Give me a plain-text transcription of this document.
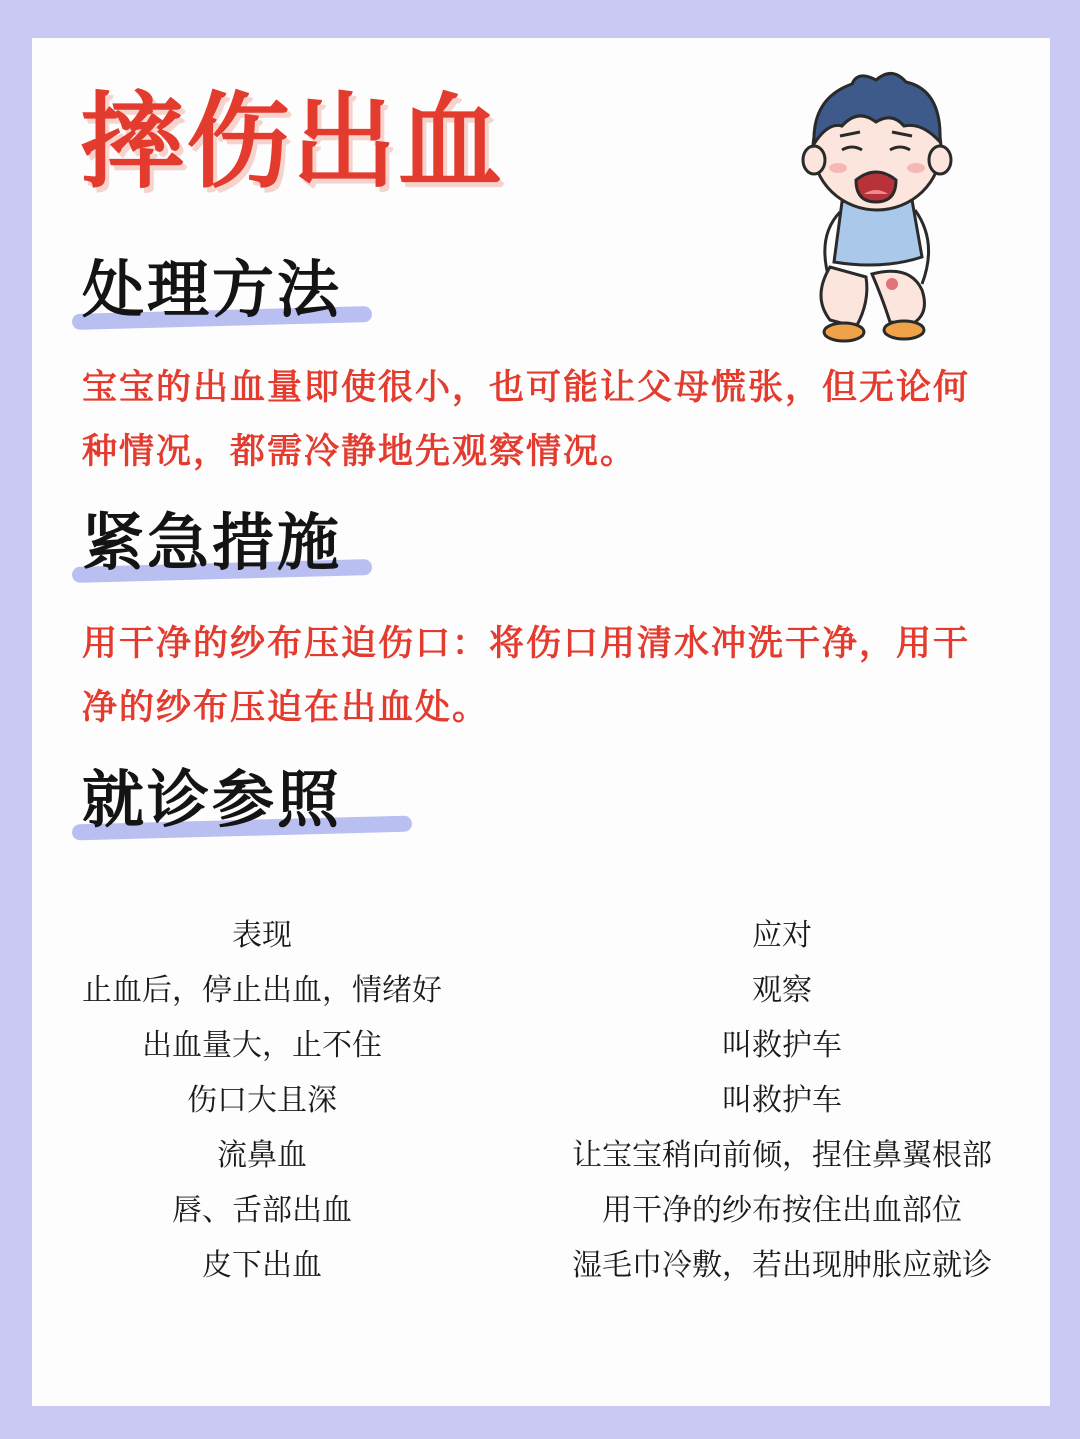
摔伤出血
处理方法

宝宝的出血量即使很小，也可能让父母慌张，但无论何种情况，都需冷静地先观察情况。

紧急措施

用干净的纱布压迫伤口：将伤口用清水冲洗干净，用干净的纱布压迫在出血处。

就诊参照
表现	应对
止血后，停止出血，情绪好	观察
出血量大，止不住	叫救护车
伤口大且深	叫救护车
流鼻血	让宝宝稍向前倾，捏住鼻翼根部
唇、舌部出血	用干净的纱布按住出血部位
皮下出血	湿毛巾冷敷，若出现肿胀应就诊
